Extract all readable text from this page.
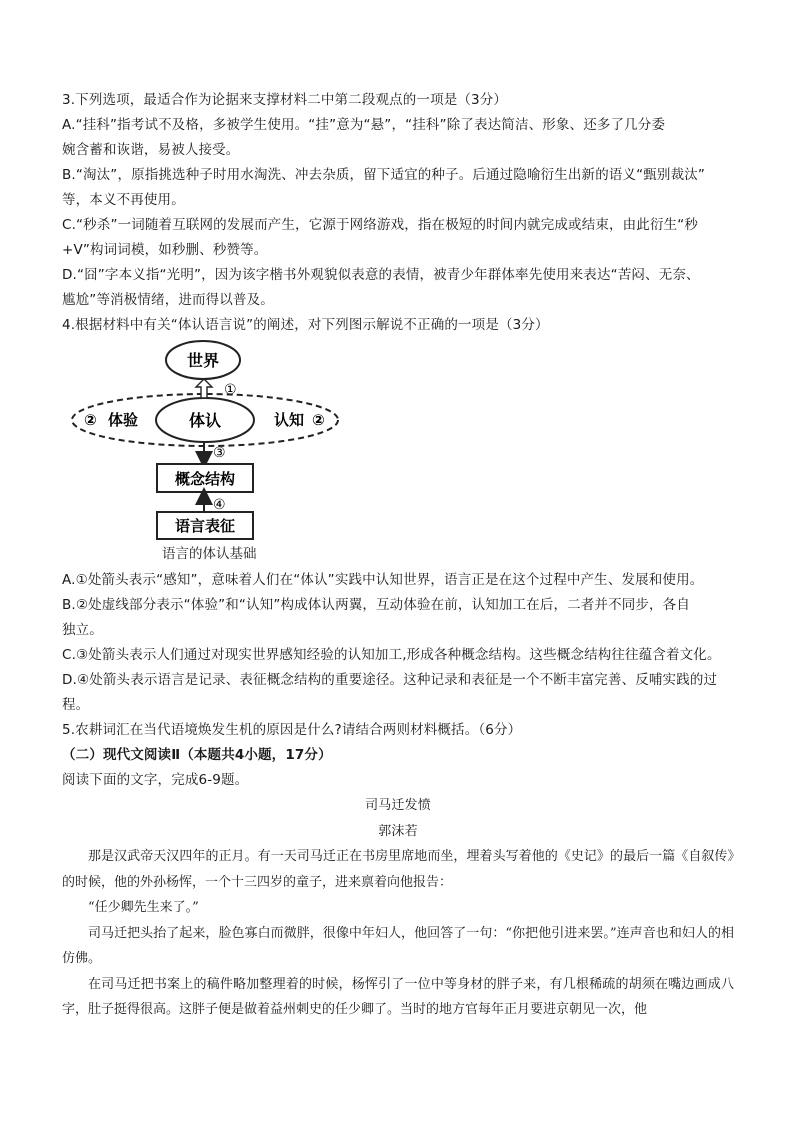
3.下列选项，最适合作为论据来支撑材料二中第二段观点的一项是（3分）
A.“挂科”指考试不及格，多被学生使用。“挂”意为“悬”，“挂科”除了表达简洁、形象、还多了几分委
婉含蓄和诙谐，易被人接受。
B.“淘汰”，原指挑选种子时用水淘洗、冲去杂质，留下适宜的种子。后通过隐喻衍生出新的语义“甄别裁汰”
等，本义不再使用。
C.“秒杀”一词随着互联网的发展而产生，它源于网络游戏，指在极短的时间内就完成或结束，由此衍生“秒
+V”构词词模，如秒删、秒赞等。
D.“囧”字本义指“光明”，因为该字楷书外观貌似表意的表情，被青少年群体率先使用来表达“苦闷、无奈、
尴尬”等消极情绪，进而得以普及。
4.根据材料中有关“体认语言说”的阐述，对下列图示解说不正确的一项是（3分）
世界
①
体认
② 体验	认知 ②
③
概念结构
④
语言表征
语言的体认基础
A.①处箭头表示“感知”，意味着人们在“体认”实践中认知世界，语言正是在这个过程中产生、发展和使用。
B.②处虚线部分表示“体验”和“认知”构成体认两翼，互动体验在前，认知加工在后，二者并不同步，各自
独立。
C.③处箭头表示人们通过对现实世界感知经验的认知加工,形成各种概念结构。这些概念结构往往蕴含着文化。
D.④处箭头表示语言是记录、表征概念结构的重要途径。这种记录和表征是一个不断丰富完善、反哺实践的过
程。
5.农耕词汇在当代语境焕发生机的原因是什么?请结合两则材料概括。（6分）
（二）现代文阅读Ⅱ（本题共4小题，17分）
阅读下面的文字，完成6-9题。
司马迁发愤
郭沫若
那是汉武帝天汉四年的正月。有一天司马迁正在书房里席地而坐，埋着头写着他的《史记》的最后一篇《自叙传》的时候，他的外孙杨恽，一个十三四岁的童子，进来禀着向他报告：
“任少卿先生来了。”
司马迁把头抬了起来，脸色寡白而微胖，很像中年妇人，他回答了一句：“你把他引进来罢。”连声音也和妇人的相仿佛。
在司马迁把书案上的稿件略加整理着的时候，杨恽引了一位中等身材的胖子来，有几根稀疏的胡须在嘴边画成八字，肚子挺得很高。这胖子便是做着益州刺史的任少卿了。当时的地方官每年正月要进京朝见一次，他
